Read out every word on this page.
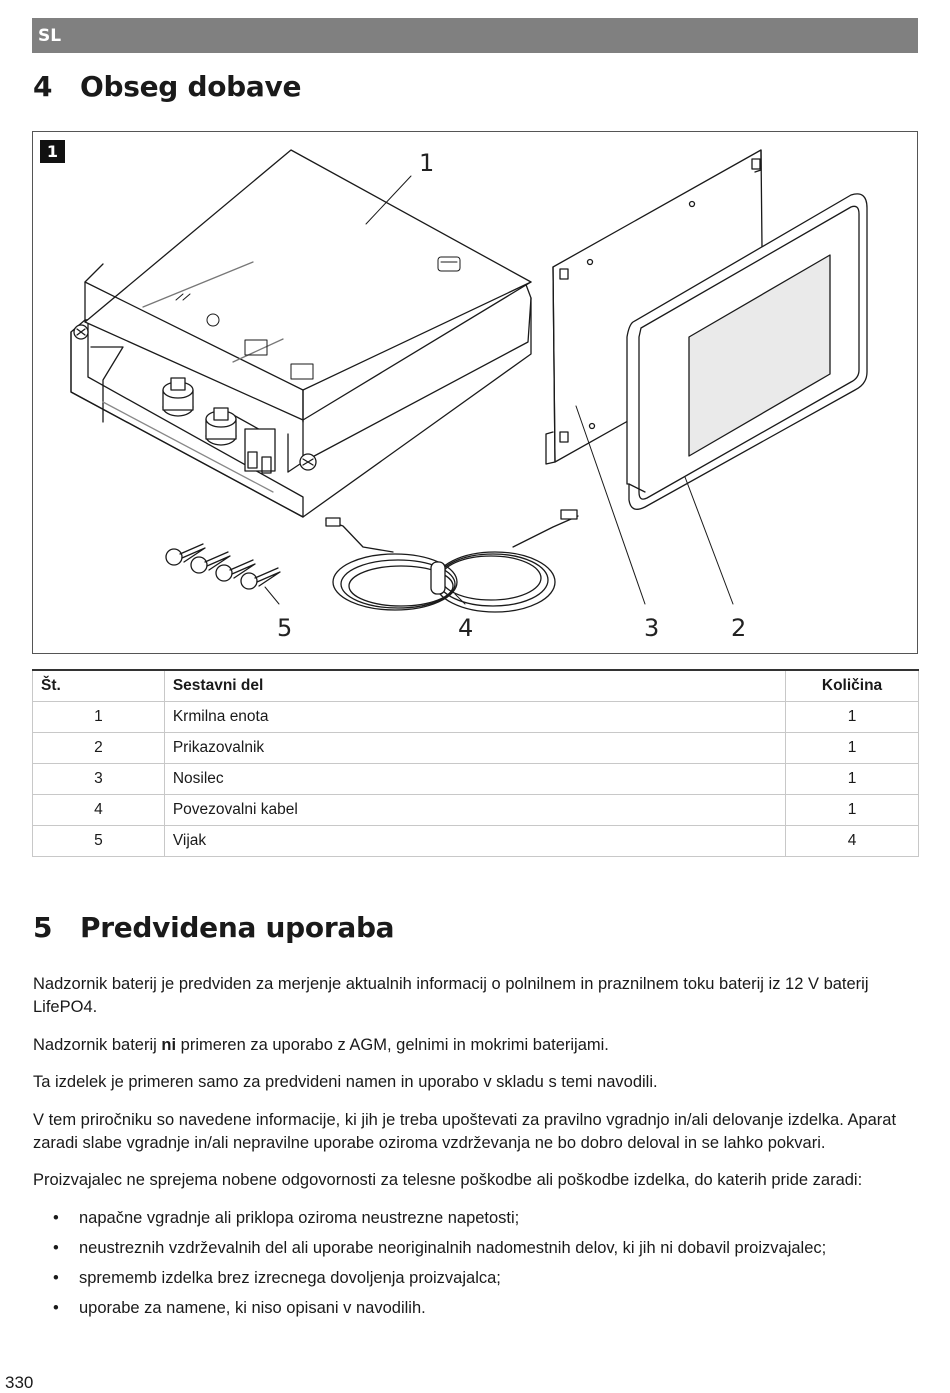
SL
4 Obseg dobave
1	1
2
3
4
5
Št.	Sestavni del	Količina
1	Krmilna enota	1
2	Prikazovalnik	1
3	Nosilec	1
4	Povezovalni kabel	1
5	Vijak	4
5 Predvidena uporaba

Nadzornik baterij je predviden za merjenje aktualnih informacij o polnilnem in praznilnem toku baterij iz 12 V baterij LifePO4.

Nadzornik baterij ni primeren za uporabo z AGM, gelnimi in mokrimi baterijami.

Ta izdelek je primeren samo za predvideni namen in uporabo v skladu s temi navodili.

V tem priročniku so navedene informacije, ki jih je treba upoštevati za pravilno vgradnjo in/ali delovanje izdelka. Aparat zaradi slabe vgradnje in/ali nepravilne uporabe oziroma vzdrževanja ne bo dobro deloval in se lahko pokvari.

Proizvajalec ne sprejema nobene odgovornosti za telesne poškodbe ali poškodbe izdelka, do katerih pride zaradi:

• napačne vgradnje ali priklopa oziroma neustrezne napetosti;
• neustreznih vzdrževalnih del ali uporabe neoriginalnih nadomestnih delov, ki jih ni dobavil proizvajalec;
• sprememb izdelka brez izrecnega dovoljenja proizvajalca;
• uporabe za namene, ki niso opisani v navodilih.
330
